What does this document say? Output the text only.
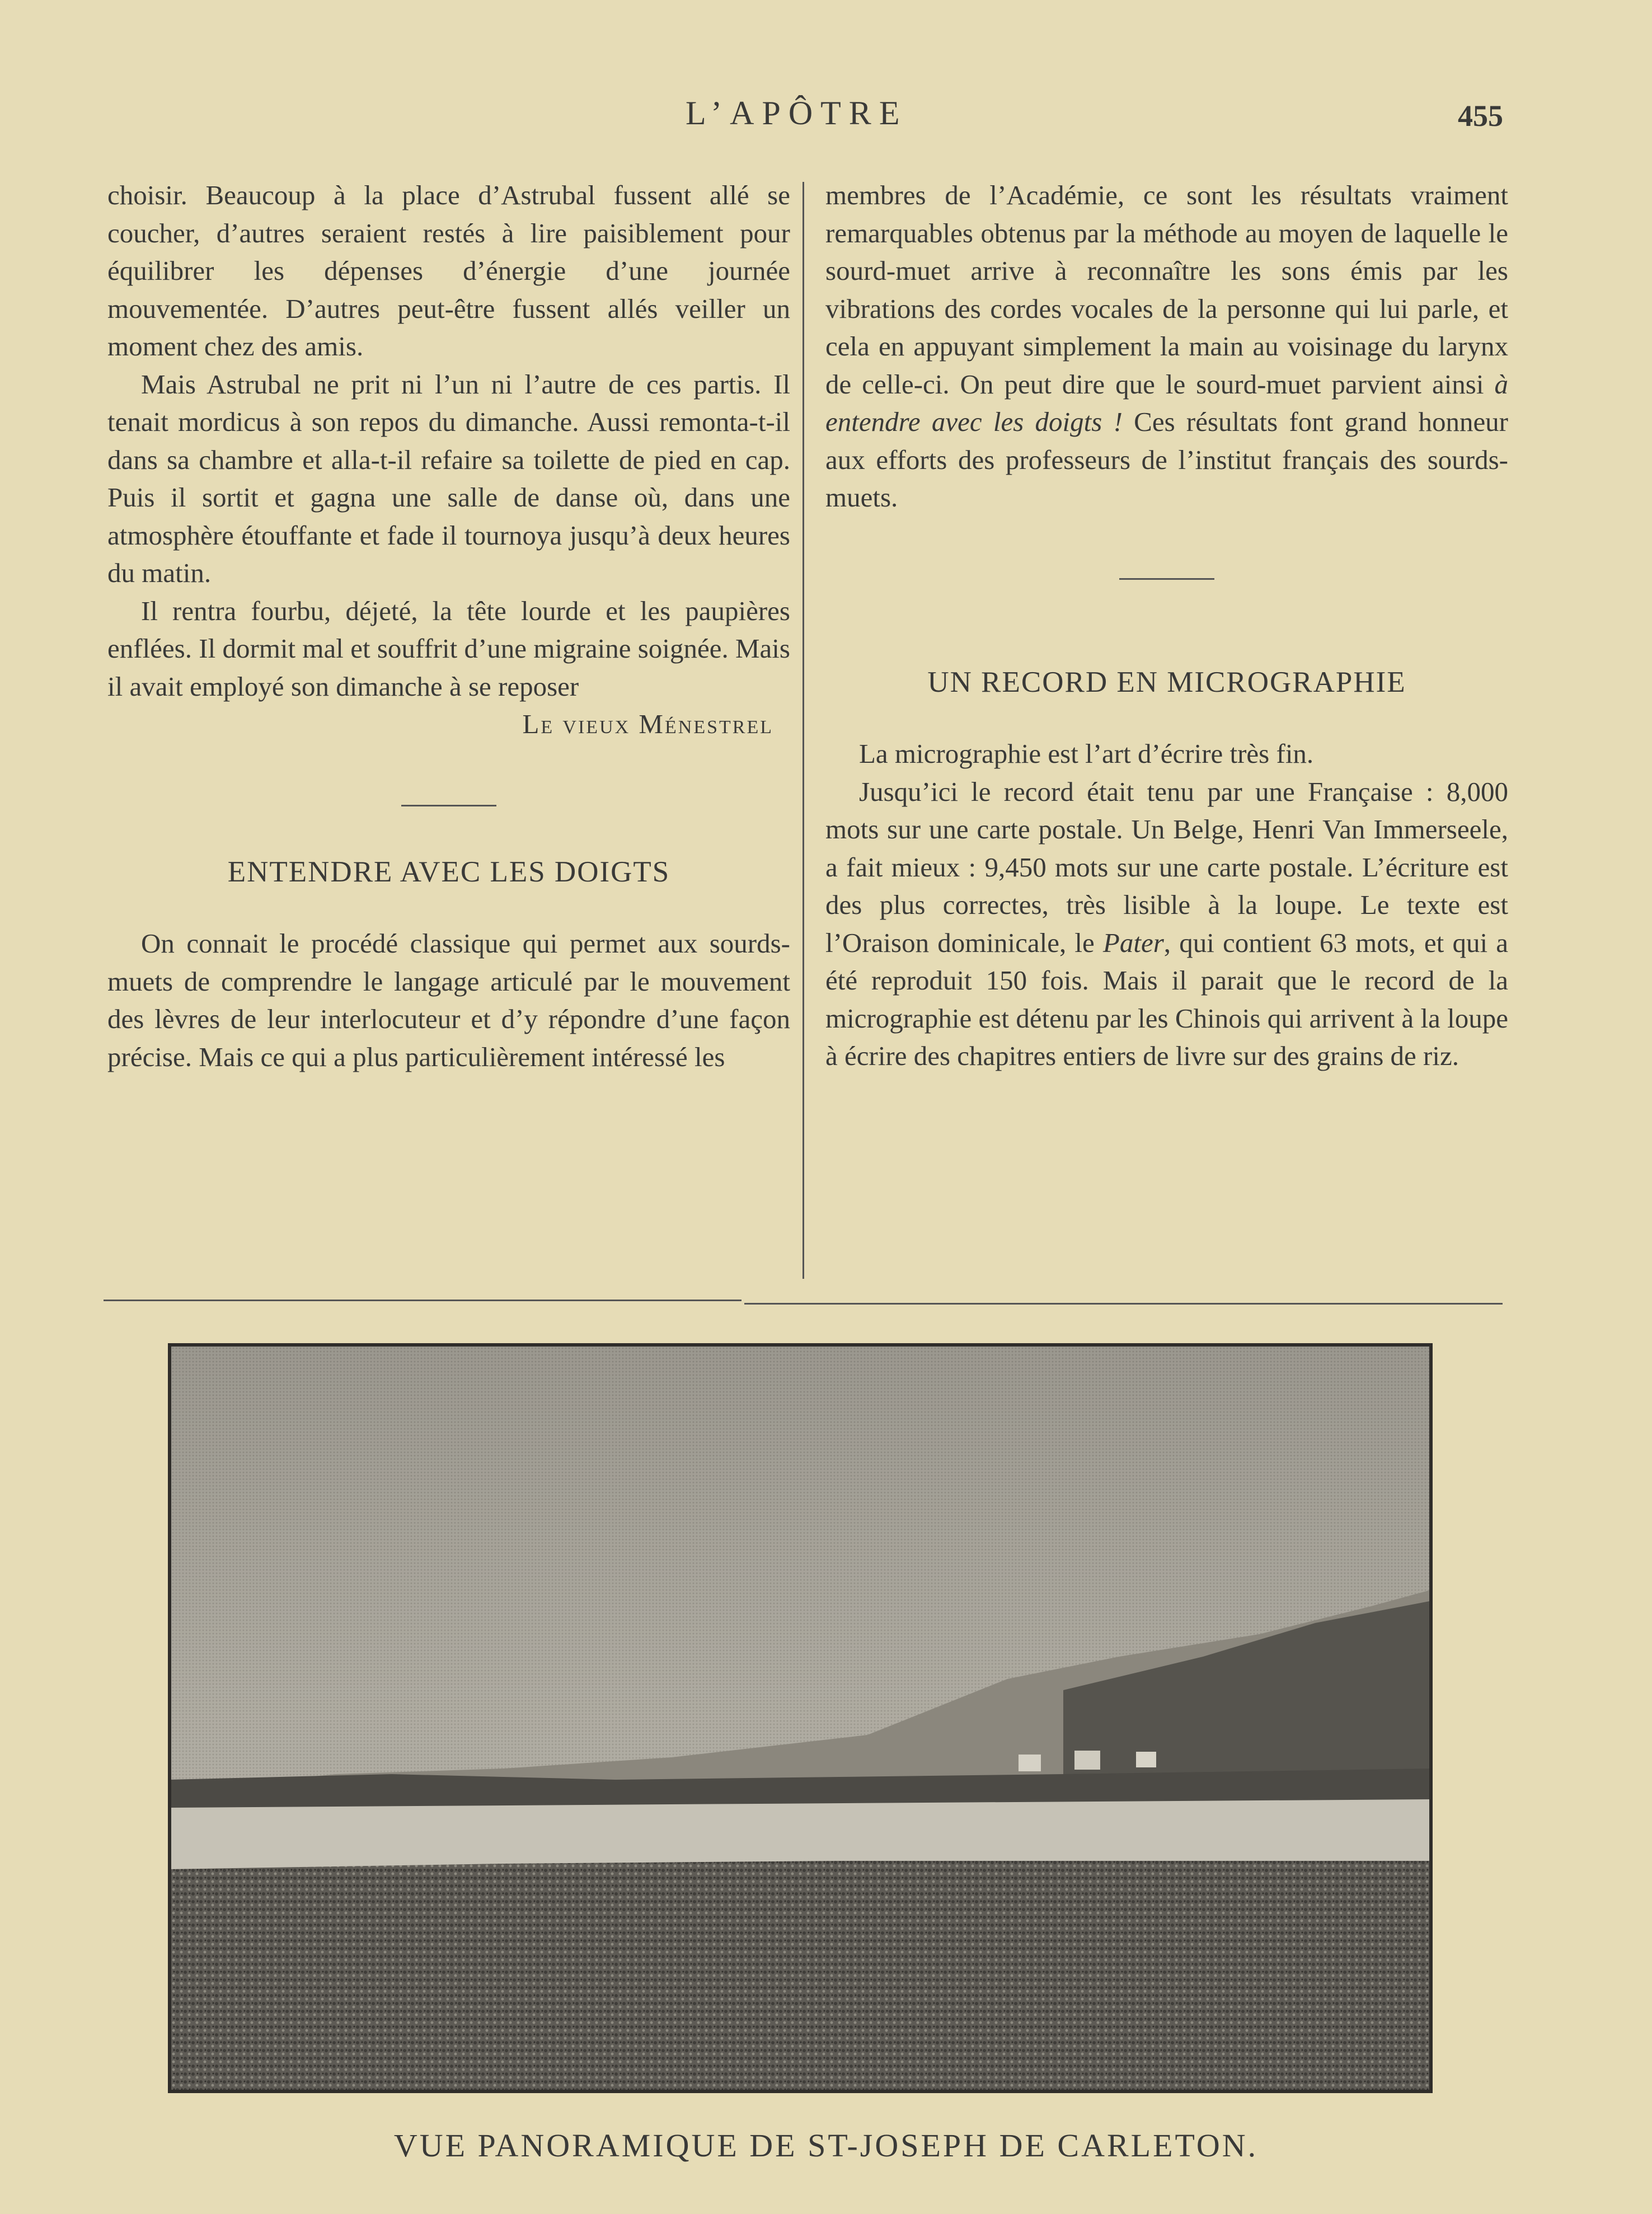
L’APÔTRE	455

choisir. Beaucoup à la place d’Astrubal fussent allé se coucher, d’autres seraient restés à lire paisiblement pour équilibrer les dépenses d’énergie d’une journée mouvementée. D’autres peut-être fussent allés veiller un moment chez des amis.

Mais Astrubal ne prit ni l’un ni l’autre de ces partis. Il tenait mordicus à son repos du dimanche. Aussi remonta-t-il dans sa chambre et alla-t-il refaire sa toilette de pied en cap. Puis il sortit et gagna une salle de danse où, dans une atmosphère étouffante et fade il tournoya jusqu’à deux heures du matin.

Il rentra fourbu, déjeté, la tête lourde et les paupières enflées. Il dormit mal et souffrit d’une migraine soignée. Mais il avait employé son dimanche à se reposer

Le vieux Ménestrel

ENTENDRE AVEC LES DOIGTS

On connait le procédé classique qui permet aux sourds-muets de comprendre le langage articulé par le mouvement des lèvres de leur interlocuteur et d’y répondre d’une façon précise. Mais ce qui a plus particulièrement intéressé les

membres de l’Académie, ce sont les résultats vraiment remarquables obtenus par la méthode au moyen de laquelle le sourd-muet arrive à reconnaître les sons émis par les vibrations des cordes vocales de la personne qui lui parle, et cela en appuyant simplement la main au voisinage du larynx de celle-ci. On peut dire que le sourd-muet parvient ainsi à entendre avec les doigts ! Ces résultats font grand honneur aux efforts des professeurs de l’institut français des sourds-muets.

UN RECORD EN MICROGRAPHIE

La micrographie est l’art d’écrire très fin.

Jusqu’ici le record était tenu par une Française : 8,000 mots sur une carte postale. Un Belge, Henri Van Immerseele, a fait mieux : 9,450 mots sur une carte postale. L’écriture est des plus correctes, très lisible à la loupe. Le texte est l’Oraison dominicale, le Pater, qui contient 63 mots, et qui a été reproduit 150 fois. Mais il parait que le record de la micrographie est détenu par les Chinois qui arrivent à la loupe à écrire des chapitres entiers de livre sur des grains de riz.

VUE PANORAMIQUE DE ST-JOSEPH DE CARLETON.
